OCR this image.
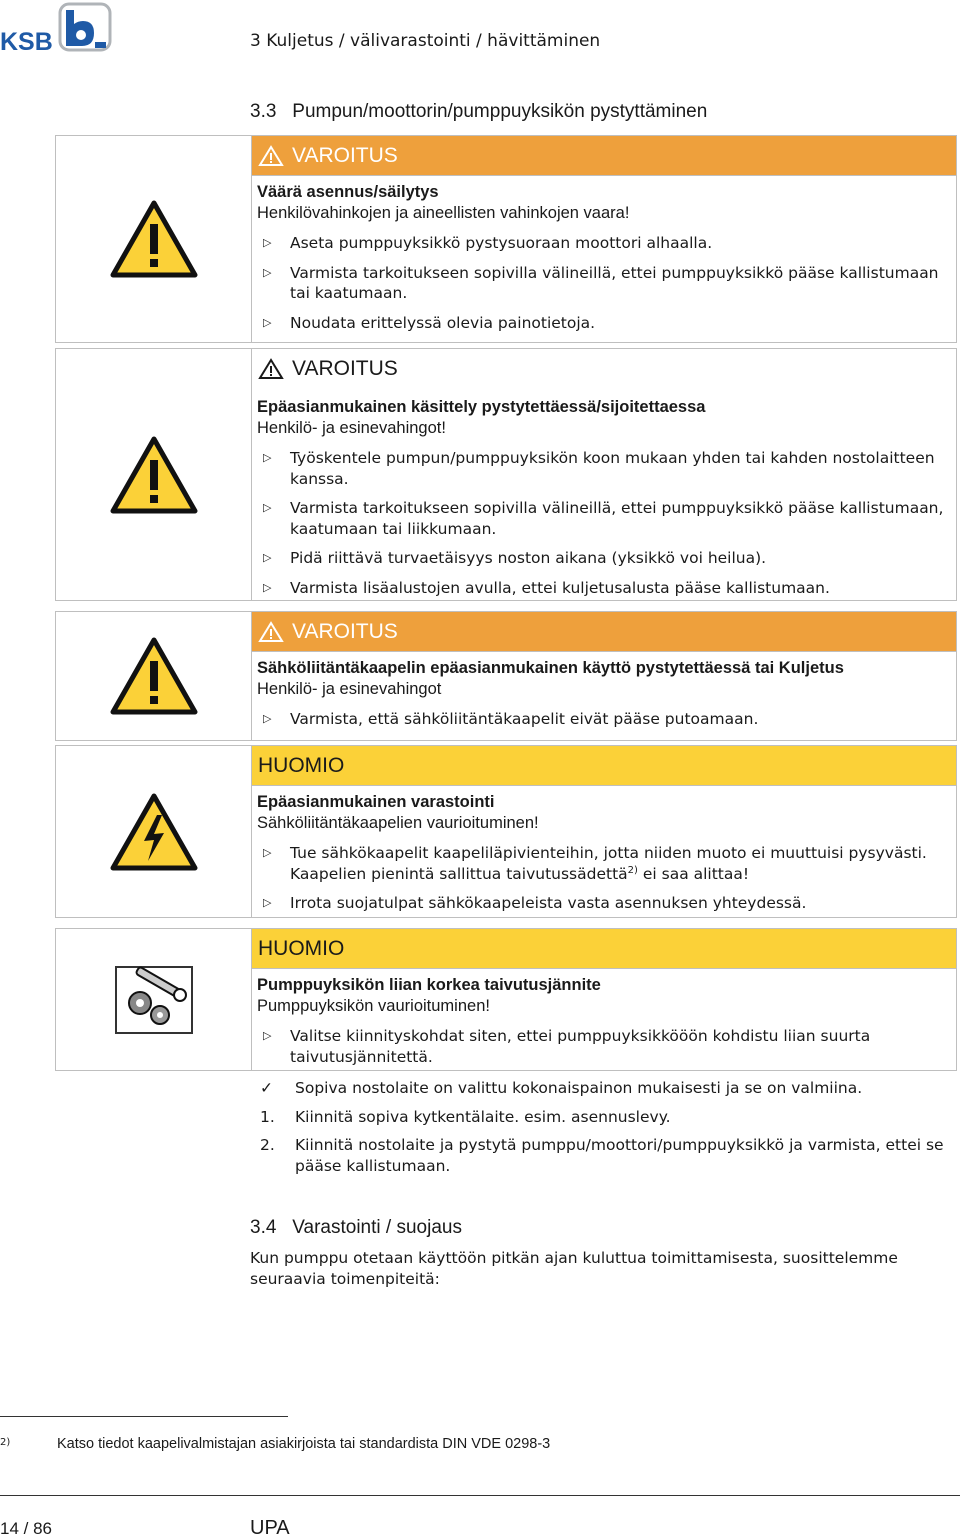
KSB	3 Kuljetus / välivarastointi / hävittäminen
3.3 Pumpun/moottorin/pumppuyksikön pystyttäminen
VAROITUS
Väärä asennus/säilytys
Henkilövahinkojen ja aineellisten vahinkojen vaara!
▷ Aseta pumppuyksikkö pystysuoraan moottori alhaalla.
▷ Varmista tarkoitukseen sopivilla välineillä, ettei pumppuyksikkö pääse kallistumaan tai kaatumaan.
▷ Noudata erittelyssä olevia painotietoja.
VAROITUS
Epäasianmukainen käsittely pystytettäessä/sijoitettaessa
Henkilö- ja esinevahingot!
▷ Työskentele pumpun/pumppuyksikön koon mukaan yhden tai kahden nostolaitteen kanssa.
▷ Varmista tarkoitukseen sopivilla välineillä, ettei pumppuyksikkö pääse kallistumaan, kaatumaan tai liikkumaan.
▷ Pidä riittävä turvaetäisyys noston aikana (yksikkö voi heilua).
▷ Varmista lisäalustojen avulla, ettei kuljetusalusta pääse kallistumaan.
VAROITUS
Sähköliitäntäkaapelin epäasianmukainen käyttö pystytettäessä tai Kuljetus
Henkilö- ja esinevahingot
▷ Varmista, että sähköliitäntäkaapelit eivät pääse putoamaan.
HUOMIO
Epäasianmukainen varastointi
Sähköliitäntäkaapelien vaurioituminen!
▷ Tue sähkökaapelit kaapeliläpivienteihin, jotta niiden muoto ei muuttuisi pysyvästi. Kaapelien pienintä sallittua taivutussädettä$^{2)}$ ei saa alittaa!
▷ Irrota suojatulpat sähkökaapeleista vasta asennuksen yhteydessä.
HUOMIO
Pumppuyksikön liian korkea taivutusjännite
Pumppuyksikön vaurioituminen!
▷ Valitse kiinnityskohdat siten, ettei pumppuyksikkööön kohdistu liian suurta taivutusjännitettä.
✓ Sopiva nostolaite on valittu kokonaispainon mukaisesti ja se on valmiina.
1. Kiinnitä sopiva kytkentälaite. esim. asennuslevy.
2. Kiinnitä nostolaite ja pystytä pumppu/moottori/pumppuyksikkö ja varmista, ettei se pääse kallistumaan.
3.4 Varastointi / suojaus
Kun pumppu otetaan käyttöön pitkän ajan kuluttua toimittamisesta, suosittelemme seuraavia toimenpiteitä:
2)	Katso tiedot kaapelivalmistajan asiakirjoista tai standardista DIN VDE 0298-3
14 / 86	UPA
